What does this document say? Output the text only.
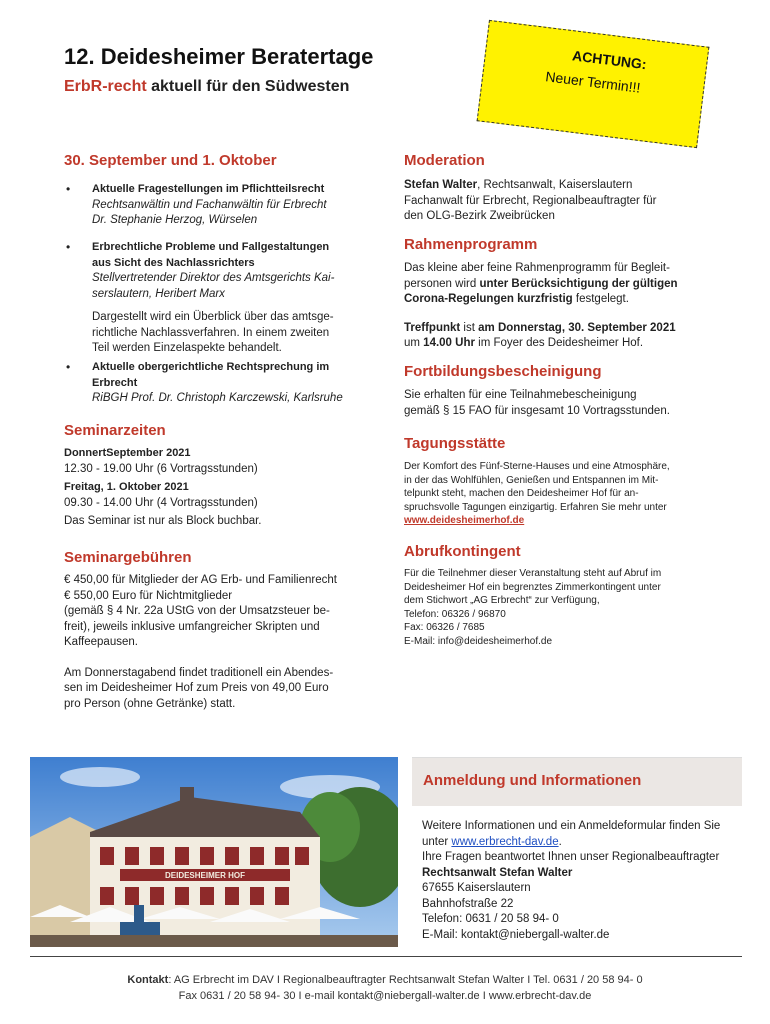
12. Deidesheimer Beratertage
ErbR-recht aktuell für den Südwesten
ACHTUNG:
Neuer Termin!!!
30. September und 1. Oktober
• Aktuelle Fragestellungen im Pflichtteilsrecht
Rechtsanwältin und Fachanwältin für Erbrecht
Dr. Stephanie Herzog, Würselen
• Erbrechtliche Probleme und Fallgestaltungen
aus Sicht des Nachlassrichters
Stellvertretender Direktor des Amtsgerichts Kai-
serslautern, Heribert Marx
Dargestellt wird ein Überblick über das amtsge-
richtliche Nachlassverfahren. In einem zweiten
Teil werden Einzelaspekte behandelt.
• Aktuelle obergerichtliche Rechtsprechung im
Erbrecht
RiBGH Prof. Dr. Christoph Karczewski, Karlsruhe
Seminarzeiten
DonnertSeptember 2021
12.30 - 19.00 Uhr (6 Vortragsstunden)
Freitag, 1. Oktober 2021
09.30 - 14.00 Uhr (4 Vortragsstunden)
Das Seminar ist nur als Block buchbar.
Seminargebühren
€ 450,00 für Mitglieder der AG Erb- und Familienrecht
€ 550,00 Euro für Nichtmitglieder
(gemäß § 4 Nr. 22a UStG von der Umsatzsteuer be-
freit), jeweils inklusive umfangreicher Skripten und
Kaffeepausen.
Am Donnerstagabend findet traditionell ein Abendes-
sen im Deidesheimer Hof zum Preis von 49,00 Euro
pro Person (ohne Getränke) statt.
Moderation
Stefan Walter, Rechtsanwalt, Kaiserslautern
Fachanwalt für Erbrecht, Regionalbeauftragter für
den OLG-Bezirk Zweibrücken
Rahmenprogramm
Das kleine aber feine Rahmenprogramm für Begleit-
personen wird unter Berücksichtigung der gültigen
Corona-Regelungen kurzfristig festgelegt.
Treffpunkt ist am Donnerstag, 30. September 2021
um 14.00 Uhr im Foyer des Deidesheimer Hof.
Fortbildungsbescheinigung
Sie erhalten für eine Teilnahmebescheinigung
gemäß § 15 FAO für insgesamt 10 Vortragsstunden.
Tagungsstätte
Der Komfort des Fünf-Sterne-Hauses und eine Atmosphäre,
in der das Wohlfühlen, Genießen und Entspannen im Mit-
telpunkt steht, machen den Deidesheimer Hof für an-
spruchsvolle Tagungen einzigartig. Erfahren Sie mehr unter
www.deidesheimerhof.de
Abrufkontingent
Für die Teilnehmer dieser Veranstaltung steht auf Abruf im
Deidesheimer Hof ein begrenztes Zimmerkontingent unter
dem Stichwort „AG Erbrecht“ zur Verfügung,
Telefon: 06326 / 96870
Fax: 06326 / 7685
E-Mail: info@deidesheimerhof.de
DEIDESHEIMER HOF
Anmeldung und Informationen
Weitere Informationen und ein Anmeldeformular finden Sie
unter www.erbrecht-dav.de.
Ihre Fragen beantwortet Ihnen unser Regionalbeauftragter
Rechtsanwalt Stefan Walter
67655 Kaiserslautern
Bahnhofstraße 22
Telefon: 0631 / 20 58 94- 0
E-Mail: kontakt@niebergall-walter.de
Kontakt: AG Erbrecht im DAV I Regionalbeauftragter Rechtsanwalt Stefan Walter I Tel. 0631 / 20 58 94- 0
Fax 0631 / 20 58 94- 30 I e-mail kontakt@niebergall-walter.de I www.erbrecht-dav.de
